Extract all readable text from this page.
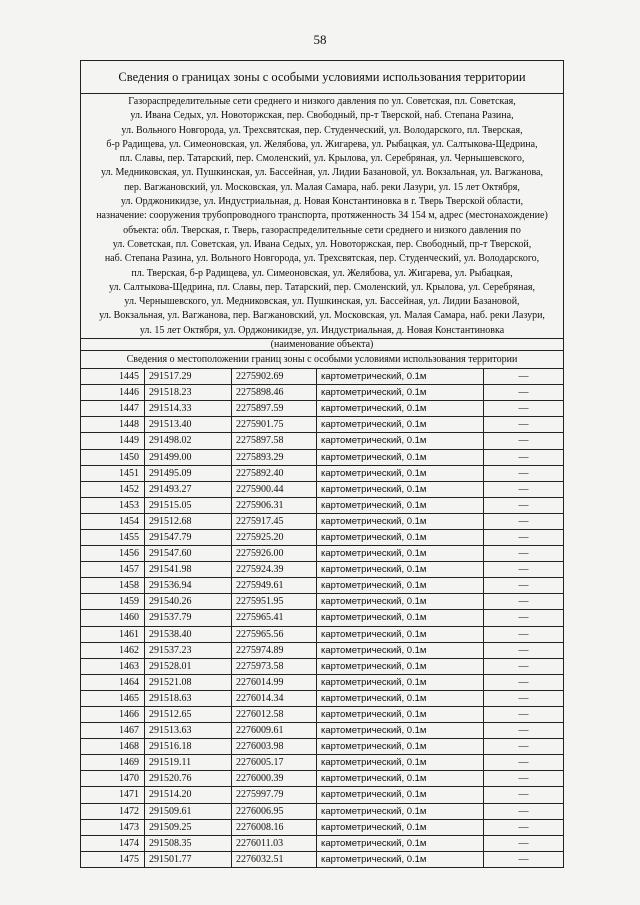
58
Сведения о границах зоны с особыми условиями использования территории
Газораспределительные сети среднего и низкого давления по ул. Советская, пл. Советская,
ул. Ивана Седых, ул. Новоторжская, пер. Свободный, пр-т Тверской, наб. Степана Разина,
ул. Вольного Новгорода, ул. Трехсвятская, пер. Студенческий, ул. Володарского, пл. Тверская,
б-р Радищева, ул. Симеоновская, ул. Желябова, ул. Жигарева, ул. Рыбацкая, ул. Салтыкова-Щедрина,
пл. Славы, пер. Татарский, пер. Смоленский, ул. Крылова, ул. Серебряная, ул. Чернышевского,
ул. Медниковская, ул. Пушкинская, ул. Бассейная, ул. Лидии Базановой, ул. Вокзальная, ул. Вагжанова,
пер. Вагжановский, ул. Московская, ул. Малая Самара, наб. реки Лазури, ул. 15 лет Октября,
ул. Орджоникидзе, ул. Индустриальная, д. Новая Константиновка в г. Тверь Тверской области,
назначение: сооружения трубопроводного транспорта, протяженность 34 154 м, адрес (местонахождение)
объекта: обл. Тверская, г. Тверь, газораспределительные сети среднего и низкого давления по
ул. Советская, пл. Советская, ул. Ивана Седых, ул. Новоторжская, пер. Свободный, пр-т Тверской,
наб. Степана Разина, ул. Вольного Новгорода, ул. Трехсвятская, пер. Студенческий, ул. Володарского,
пл. Тверская, б-р Радищева, ул. Симеоновская, ул. Желябова, ул. Жигарева, ул. Рыбацкая,
ул. Салтыкова-Щедрина, пл. Славы, пер. Татарский, пер. Смоленский, ул. Крылова, ул. Серебряная,
ул. Чернышевского, ул. Медниковская, ул. Пушкинская, ул. Бассейная, ул. Лидии Базановой,
ул. Вокзальная, ул. Вагжанова, пер. Вагжановский, ул. Московская, ул. Малая Самара, наб. реки Лазури,
ул. 15 лет Октября, ул. Орджоникидзе, ул. Индустриальная, д. Новая Константиновка
(наименование объекта)
Сведения о местоположении границ зоны с особыми условиями использования территории
1445	291517.29	2275902.69	картометрический, 0.1м	—
1446	291518.23	2275898.46	картометрический, 0.1м	—
1447	291514.33	2275897.59	картометрический, 0.1м	—
1448	291513.40	2275901.75	картометрический, 0.1м	—
1449	291498.02	2275897.58	картометрический, 0.1м	—
1450	291499.00	2275893.29	картометрический, 0.1м	—
1451	291495.09	2275892.40	картометрический, 0.1м	—
1452	291493.27	2275900.44	картометрический, 0.1м	—
1453	291515.05	2275906.31	картометрический, 0.1м	—
1454	291512.68	2275917.45	картометрический, 0.1м	—
1455	291547.79	2275925.20	картометрический, 0.1м	—
1456	291547.60	2275926.00	картометрический, 0.1м	—
1457	291541.98	2275924.39	картометрический, 0.1м	—
1458	291536.94	2275949.61	картометрический, 0.1м	—
1459	291540.26	2275951.95	картометрический, 0.1м	—
1460	291537.79	2275965.41	картометрический, 0.1м	—
1461	291538.40	2275965.56	картометрический, 0.1м	—
1462	291537.23	2275974.89	картометрический, 0.1м	—
1463	291528.01	2275973.58	картометрический, 0.1м	—
1464	291521.08	2276014.99	картометрический, 0.1м	—
1465	291518.63	2276014.34	картометрический, 0.1м	—
1466	291512.65	2276012.58	картометрический, 0.1м	—
1467	291513.63	2276009.61	картометрический, 0.1м	—
1468	291516.18	2276003.98	картометрический, 0.1м	—
1469	291519.11	2276005.17	картометрический, 0.1м	—
1470	291520.76	2276000.39	картометрический, 0.1м	—
1471	291514.20	2275997.79	картометрический, 0.1м	—
1472	291509.61	2276006.95	картометрический, 0.1м	—
1473	291509.25	2276008.16	картометрический, 0.1м	—
1474	291508.35	2276011.03	картометрический, 0.1м	—
1475	291501.77	2276032.51	картометрический, 0.1м	—
